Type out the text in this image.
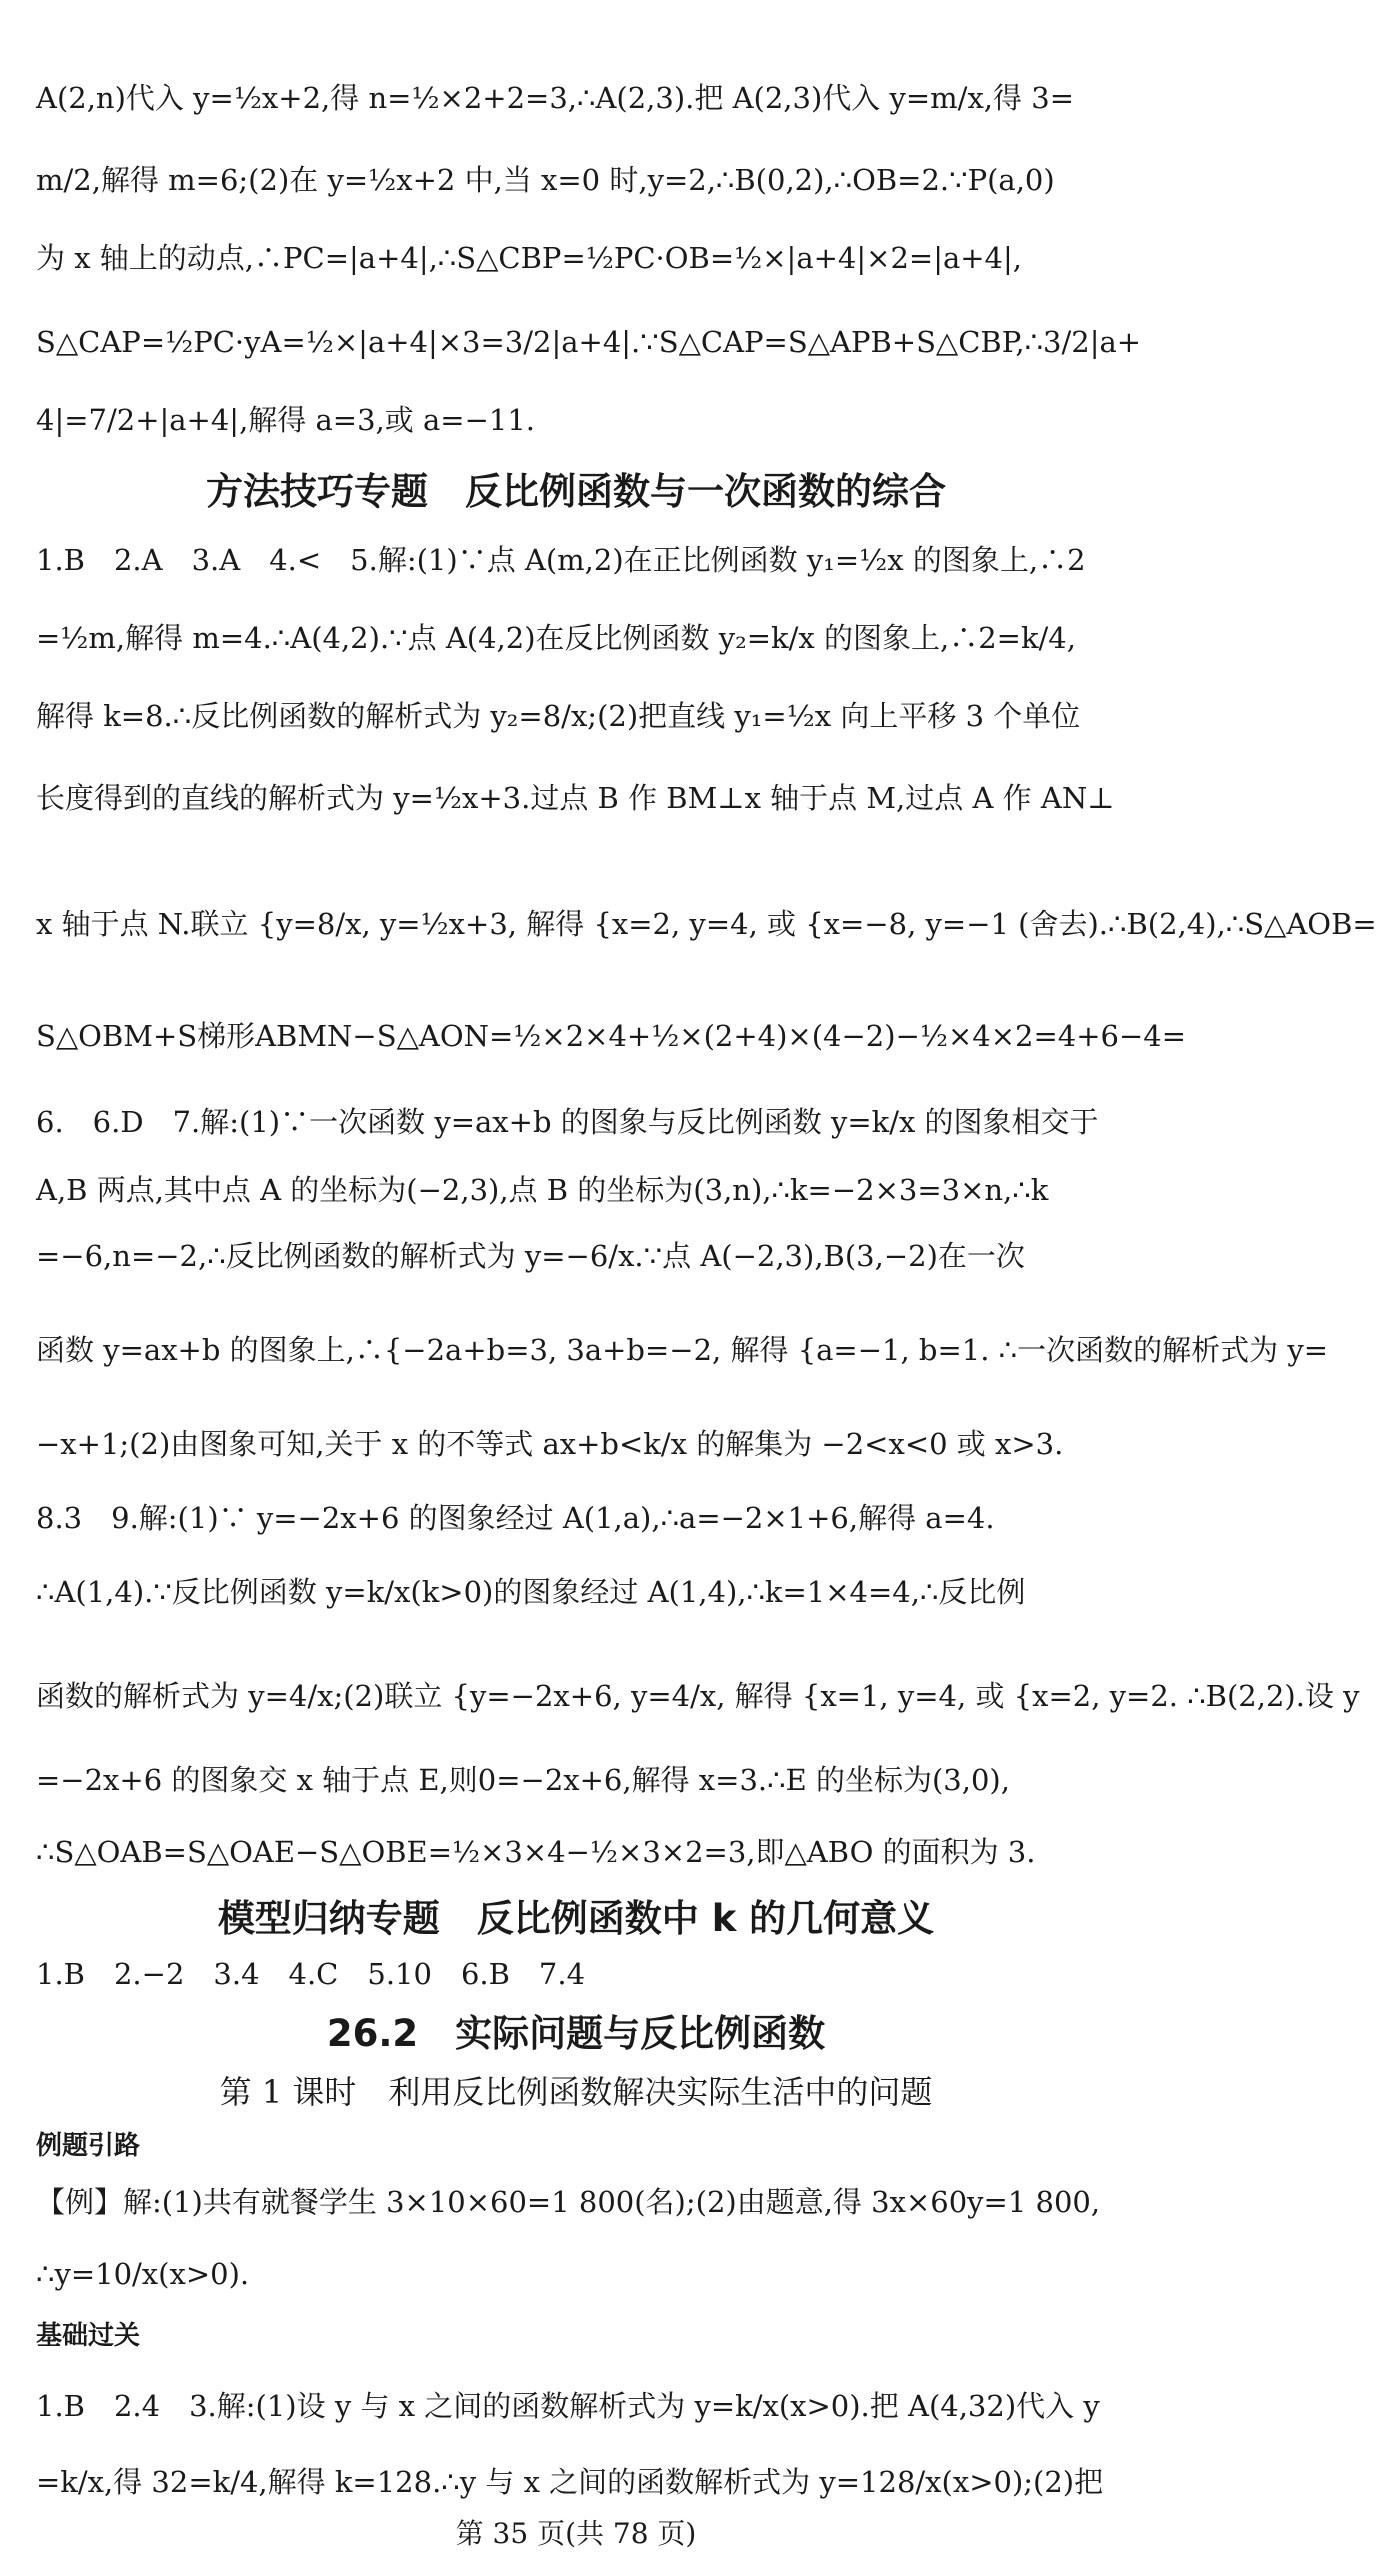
A(2,n)代入 y=½x+2,得 n=½×2+2=3,∴A(2,3).把 A(2,3)代入 y=m/x,得 3=
m/2,解得 m=6;(2)在 y=½x+2 中,当 x=0 时,y=2,∴B(0,2),∴OB=2.∵P(a,0)
为 x 轴上的动点,∴PC=|a+4|,∴S△CBP=½PC·OB=½×|a+4|×2=|a+4|,
S△CAP=½PC·yA=½×|a+4|×3=3/2|a+4|.∵S△CAP=S△APB+S△CBP,∴3/2|a+
4|=7/2+|a+4|,解得 a=3,或 a=−11.
方法技巧专题　反比例函数与一次函数的综合
1.B　2.A　3.A　4.<　5.解:(1)∵点 A(m,2)在正比例函数 y₁=½x 的图象上,∴2
=½m,解得 m=4.∴A(4,2).∵点 A(4,2)在反比例函数 y₂=k/x 的图象上,∴2=k/4,
解得 k=8.∴反比例函数的解析式为 y₂=8/x;(2)把直线 y₁=½x 向上平移 3 个单位
长度得到的直线的解析式为 y=½x+3.过点 B 作 BM⊥x 轴于点 M,过点 A 作 AN⊥
x 轴于点 N.联立 {y=8/x, y=½x+3, 解得 {x=2, y=4, 或 {x=−8, y=−1 (舍去).∴B(2,4),∴S△AOB=
S△OBM+S梯形ABMN−S△AON=½×2×4+½×(2+4)×(4−2)−½×4×2=4+6−4=
6.　6.D　7.解:(1)∵一次函数 y=ax+b 的图象与反比例函数 y=k/x 的图象相交于
A,B 两点,其中点 A 的坐标为(−2,3),点 B 的坐标为(3,n),∴k=−2×3=3×n,∴k
=−6,n=−2,∴反比例函数的解析式为 y=−6/x.∵点 A(−2,3),B(3,−2)在一次
函数 y=ax+b 的图象上,∴{−2a+b=3, 3a+b=−2, 解得 {a=−1, b=1. ∴一次函数的解析式为 y=
−x+1;(2)由图象可知,关于 x 的不等式 ax+b<k/x 的解集为 −2<x<0 或 x>3.
8.3　9.解:(1)∵ y=−2x+6 的图象经过 A(1,a),∴a=−2×1+6,解得 a=4.
∴A(1,4).∵反比例函数 y=k/x(k>0)的图象经过 A(1,4),∴k=1×4=4,∴反比例
函数的解析式为 y=4/x;(2)联立 {y=−2x+6, y=4/x, 解得 {x=1, y=4, 或 {x=2, y=2. ∴B(2,2).设 y
=−2x+6 的图象交 x 轴于点 E,则0=−2x+6,解得 x=3.∴E 的坐标为(3,0),
∴S△OAB=S△OAE−S△OBE=½×3×4−½×3×2=3,即△ABO 的面积为 3.
模型归纳专题　反比例函数中 k 的几何意义
1.B　2.−2　3.4　4.C　5.10　6.B　7.4
26.2　实际问题与反比例函数
第 1 课时　利用反比例函数解决实际生活中的问题
例题引路
【例】解:(1)共有就餐学生 3×10×60=1 800(名);(2)由题意,得 3x×60y=1 800,
∴y=10/x(x>0).
基础过关
1.B　2.4　3.解:(1)设 y 与 x 之间的函数解析式为 y=k/x(x>0).把 A(4,32)代入 y
=k/x,得 32=k/4,解得 k=128.∴y 与 x 之间的函数解析式为 y=128/x(x>0);(2)把
第 35 页(共 78 页)
